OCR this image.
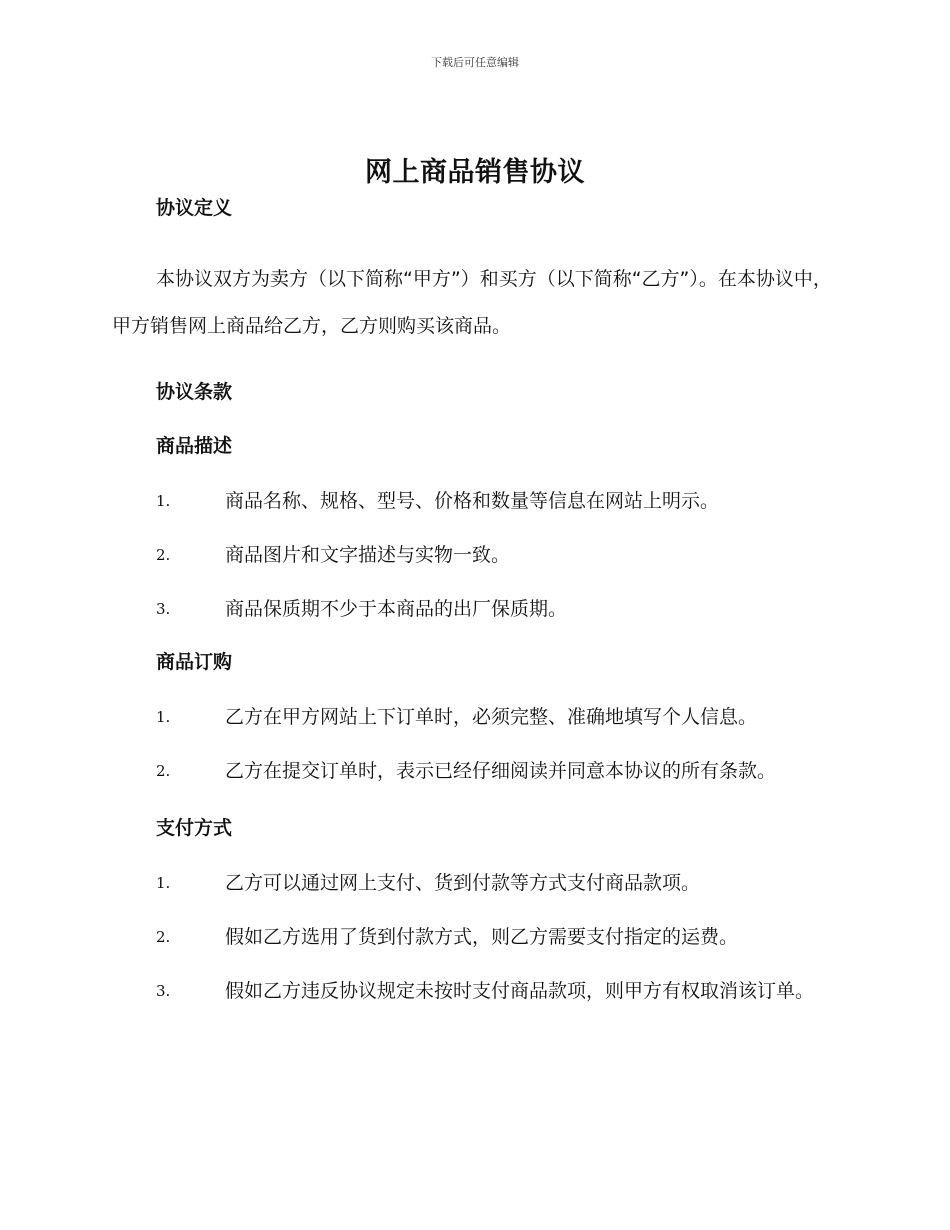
下载后可任意编辑
网上商品销售协议
协议定义

本协议双方为卖方（以下简称“甲方”）和买方（以下简称“乙方”）。在本协议中，甲方销售网上商品给乙方，乙方则购买该商品。

协议条款
商品描述
1.	商品名称、规格、型号、价格和数量等信息在网站上明示。
2.	商品图片和文字描述与实物一致。
3.	商品保质期不少于本商品的出厂保质期。
商品订购
1.	乙方在甲方网站上下订单时，必须完整、准确地填写个人信息。
2.	乙方在提交订单时，表示已经仔细阅读并同意本协议的所有条款。
支付方式
1.	乙方可以通过网上支付、货到付款等方式支付商品款项。
2.	假如乙方选用了货到付款方式，则乙方需要支付指定的运费。
3.	假如乙方违反协议规定未按时支付商品款项，则甲方有权取消该订单。
